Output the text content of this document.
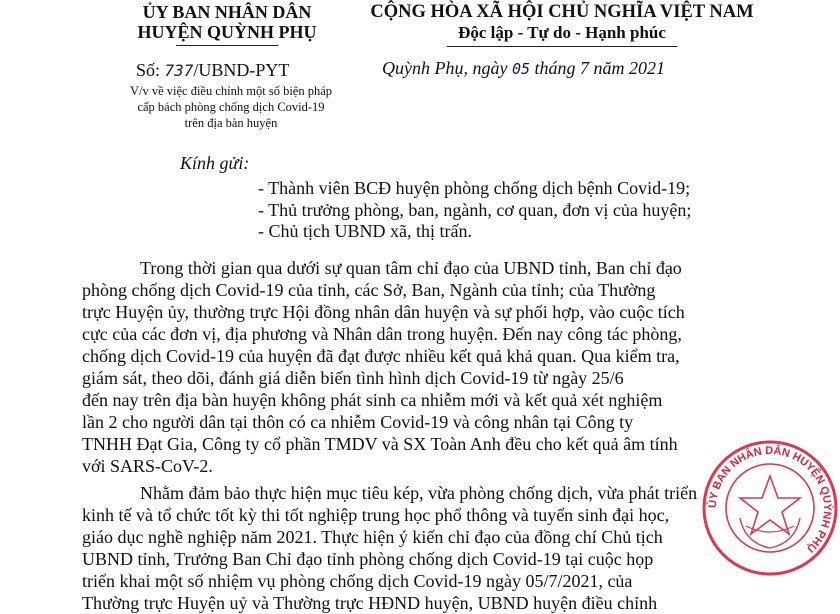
ỦY BAN NHÂN DÂN
HUYỆN QUỲNH PHỤ
Số: 737/UBND-PYT
V/v về việc điều chỉnh một số biện pháp
cấp bách phòng chống dịch Covid-19
trên địa bàn huyện
CỘNG HÒA XÃ HỘI CHỦ NGHĨA VIỆT NAM
Độc lập - Tự do - Hạnh phúc
Quỳnh Phụ, ngày 05 tháng 7 năm 2021
Kính gửi:
- Thành viên BCĐ huyện phòng chống dịch bệnh Covid-19;
- Thủ trưởng phòng, ban, ngành, cơ quan, đơn vị của huyện;
- Chủ tịch UBND xã, thị trấn.
Trong thời gian qua dưới sự quan tâm chỉ đạo của UBND tỉnh, Ban chỉ đạo
phòng chống dịch Covid-19 của tỉnh, các Sở, Ban, Ngành của tỉnh; của Thường
trực Huyện ủy, thường trực Hội đồng nhân dân huyện và sự phối hợp, vào cuộc tích
cực của các đơn vị, địa phương và Nhân dân trong huyện. Đến nay công tác phòng,
chống dịch Covid-19 của huyện đã đạt được nhiều kết quả khả quan. Qua kiểm tra,
giám sát, theo dõi, đánh giá diễn biến tình hình dịch Covid-19 từ ngày 25/6
đến nay trên địa bàn huyện không phát sinh ca nhiễm mới và kết quả xét nghiệm
lần 2 cho người dân tại thôn có ca nhiễm Covid-19 và công nhân tại Công ty
TNHH Đạt Gia, Công ty cổ phần TMDV và SX Toàn Anh đều cho kết quả âm tính
với SARS-CoV-2.
Nhằm đảm bảo thực hiện mục tiêu kép, vừa phòng chống dịch, vừa phát triển
kinh tế và tổ chức tốt kỳ thi tốt nghiệp trung học phổ thông và tuyển sinh đại học,
giáo dục nghề nghiệp năm 2021. Thực hiện ý kiến chỉ đạo của đồng chí Chủ tịch
UBND tỉnh, Trưởng Ban Chỉ đạo tỉnh phòng chống dịch Covid-19 tại cuộc họp
triển khai một số nhiệm vụ phòng chống dịch Covid-19 ngày 05/7/2021, của
Thường trực Huyện uỷ và Thường trực HĐND huyện, UBND huyện điều chỉnh
ỦY BAN NHÂN DÂN HUYỆN QUỲNH PHỤ
